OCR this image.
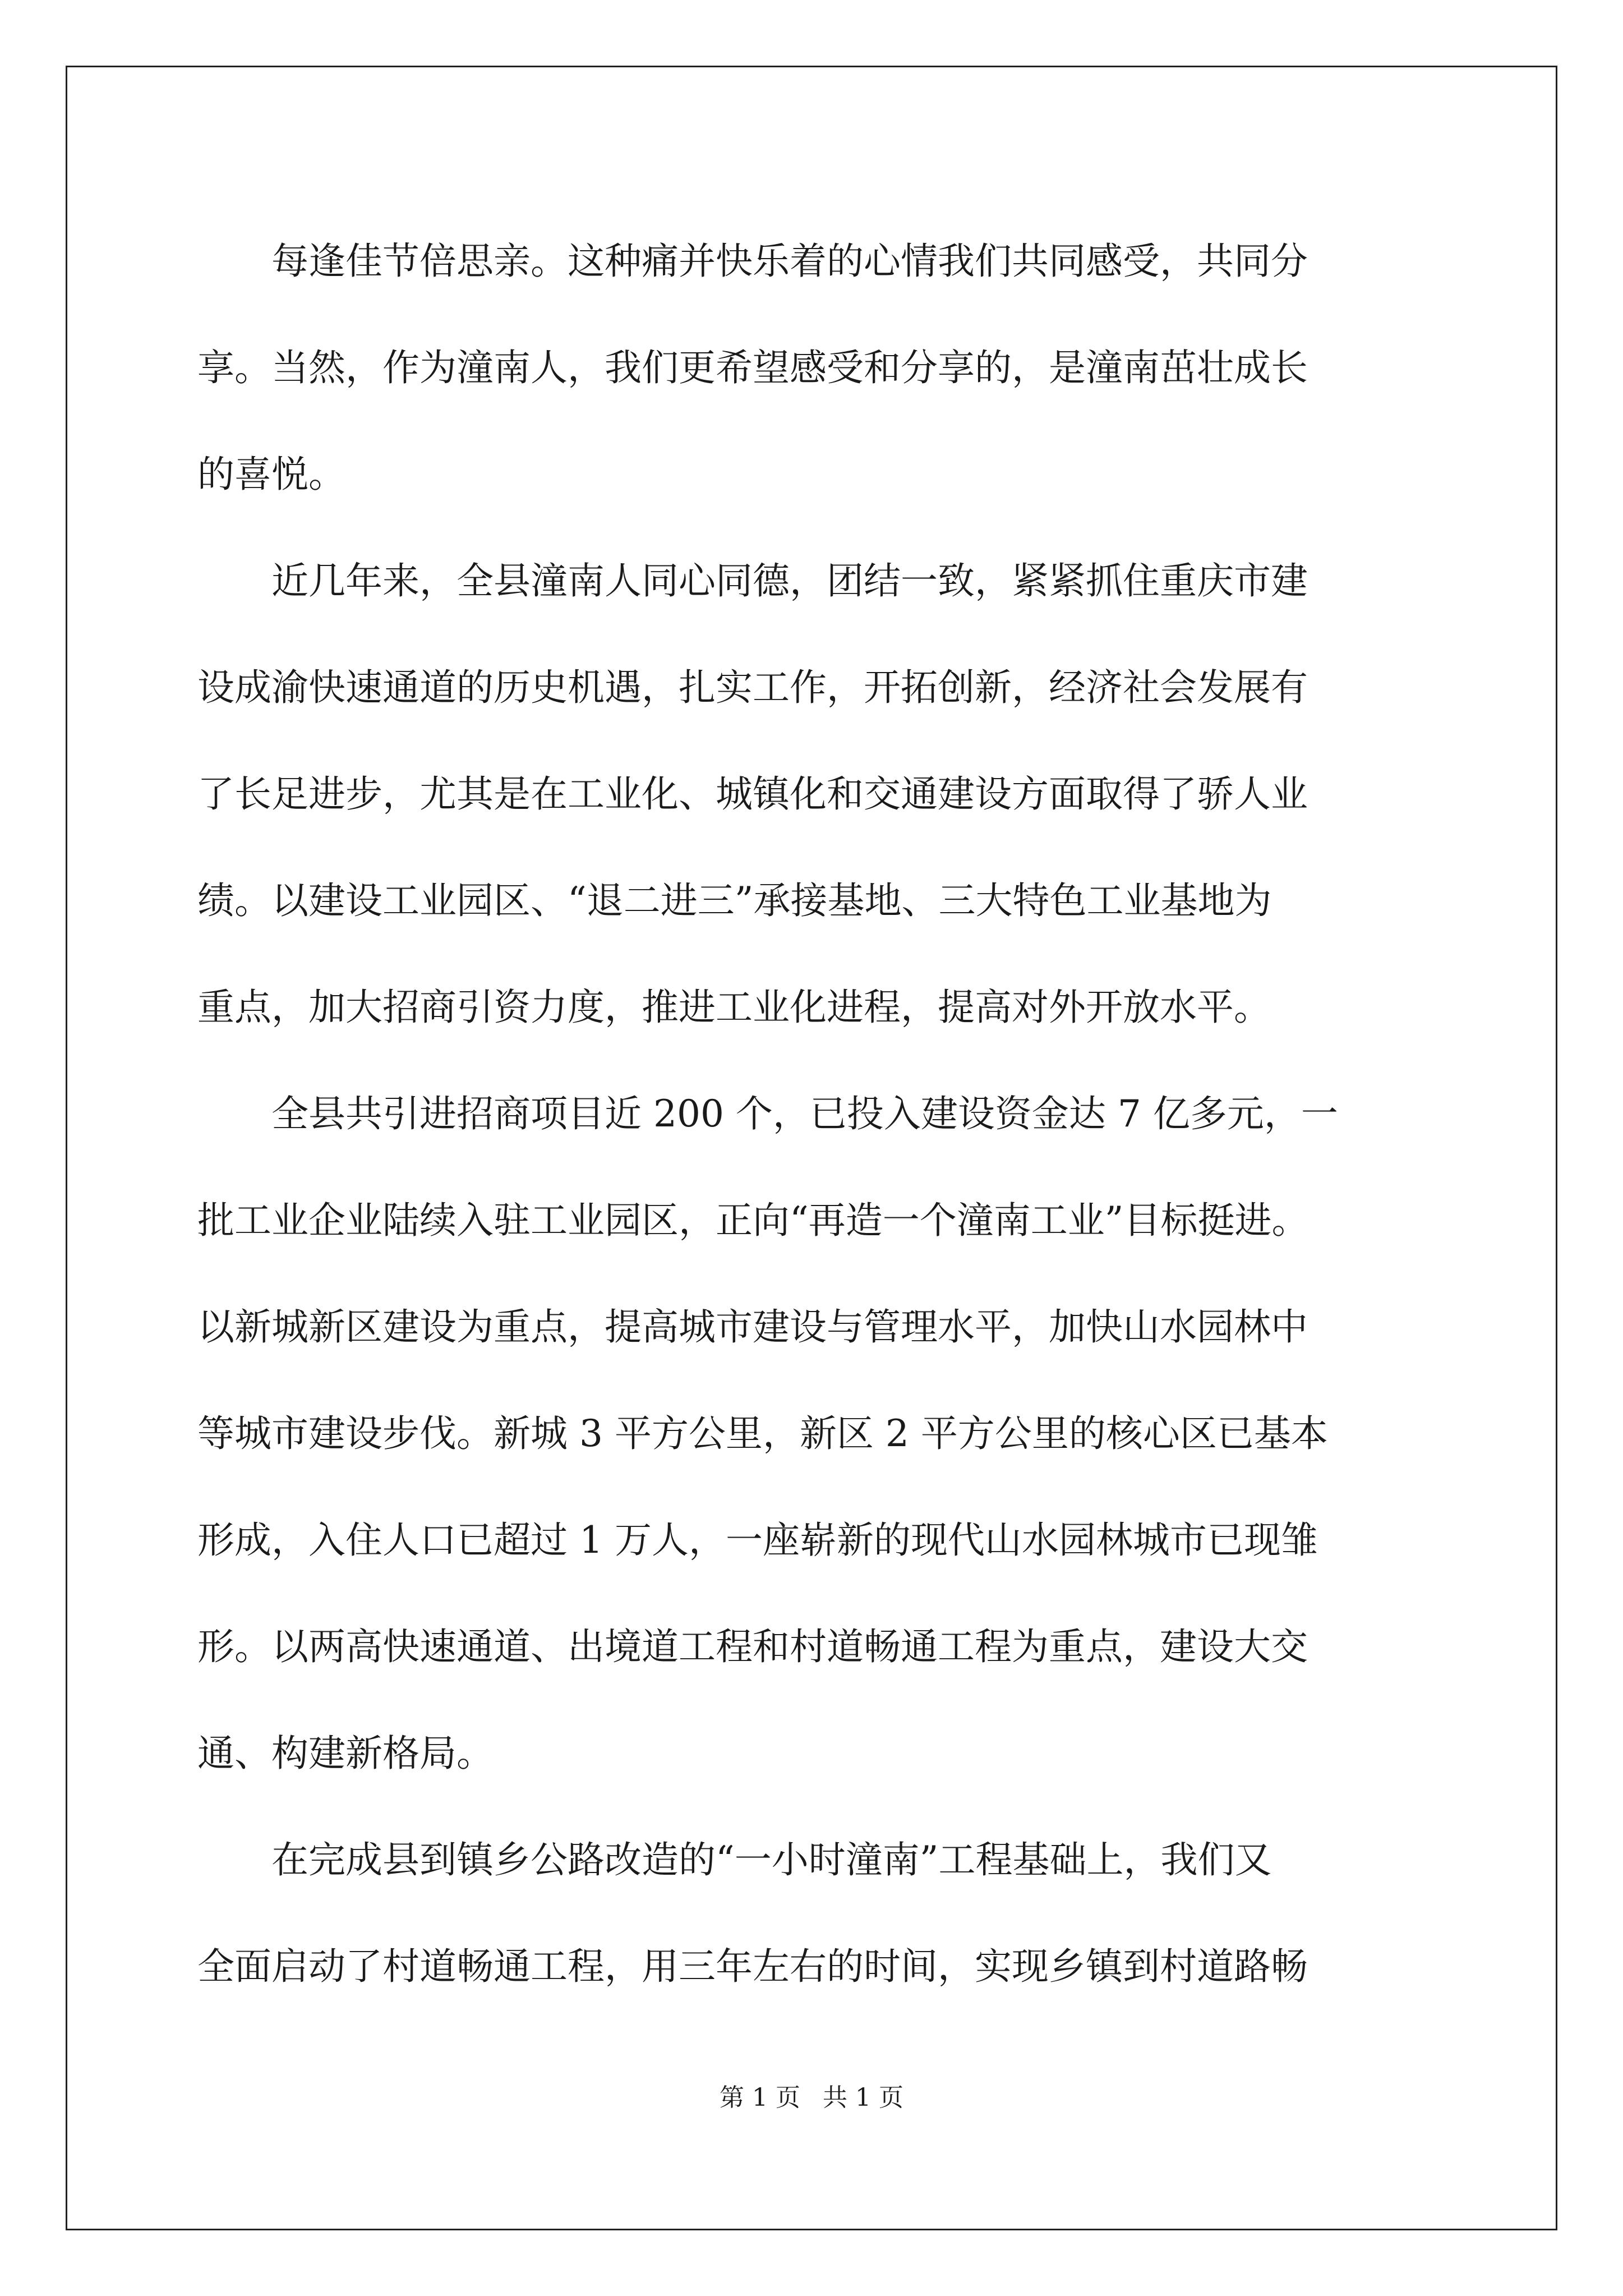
每逢佳节倍思亲。这种痛并快乐着的心情我们共同感受，共同分
享。当然，作为潼南人，我们更希望感受和分享的，是潼南茁壮成长
的喜悦。
近几年来，全县潼南人同心同德，团结一致，紧紧抓住重庆市建
设成渝快速通道的历史机遇，扎实工作，开拓创新，经济社会发展有
了长足进步，尤其是在工业化、城镇化和交通建设方面取得了骄人业
绩。以建设工业园区、“退二进三”承接基地、三大特色工业基地为
重点，加大招商引资力度，推进工业化进程，提高对外开放水平。
全县共引进招商项目近 200 个，已投入建设资金达 7 亿多元，一
批工业企业陆续入驻工业园区，正向“再造一个潼南工业”目标挺进。
以新城新区建设为重点，提高城市建设与管理水平，加快山水园林中
等城市建设步伐。新城 3 平方公里，新区 2 平方公里的核心区已基本
形成，入住人口已超过 1 万人，一座崭新的现代山水园林城市已现雏
形。以两高快速通道、出境道工程和村道畅通工程为重点，建设大交
通、构建新格局。
在完成县到镇乡公路改造的“一小时潼南”工程基础上，我们又
全面启动了村道畅通工程，用三年左右的时间，实现乡镇到村道路畅
第 1 页 共 1 页
